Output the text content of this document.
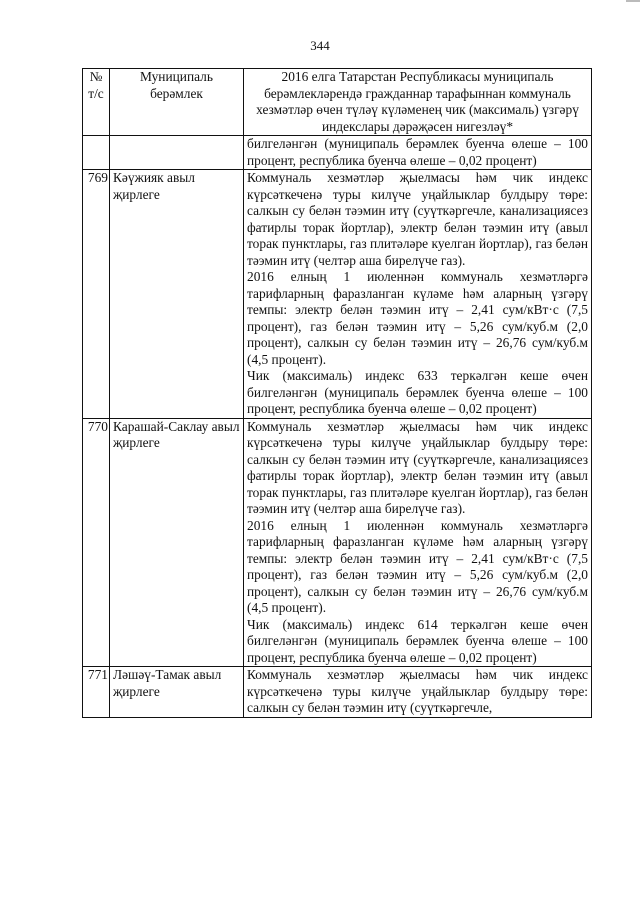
344
№ т/с	Муниципаль берәмлек	2016 елга Татарстан Республикасы муниципаль берәмлекләрендә гражданнар тарафыннан коммуналь хезмәтләр өчен түләү күләменең чик (максималь) үзгәрү индекслары дәрәҗәсен нигезләү*

		билгеләнгән (муниципаль берәмлек буенча өлеше – 100 процент, республика буенча өлеше – 0,02 процент)

769	Кәүжияк авыл җирлеге	Коммуналь хезмәтләр җыелмасы һәм чик индекс күрсәткеченә туры килүче уңайлыклар булдыру төре: салкын су белән тәэмин итү (суүткәргечле, канализациясез фатирлы торак йортлар), электр белән тәэмин итү (авыл торак пунктлары, газ плитәләре куелган йортлар), газ белән тәэмин итү (челтәр аша бирелүче газ).

2016 елның 1 июленнән коммуналь хезмәтләргә тарифларның фаразланган күләме һәм аларның үзгәрү темпы: электр белән тәэмин итү – 2,41 сум/кВт·с (7,5 процент), газ белән тәэмин итү – 5,26 сум/куб.м (2,0 процент), салкын су белән тәэмин итү – 26,76 сум/куб.м (4,5 процент).

Чик (максималь) индекс 633 теркәлгән кеше өчен билгеләнгән (муниципаль берәмлек буенча өлеше – 100 процент, республика буенча өлеше – 0,02 процент)

770	Карашай-Саклау авыл җирлеге	Коммуналь хезмәтләр җыелмасы һәм чик индекс күрсәткеченә туры килүче уңайлыклар булдыру төре: салкын су белән тәэмин итү (суүткәргечле, канализациясез фатирлы торак йортлар), электр белән тәэмин итү (авыл торак пунктлары, газ плитәләре куелган йортлар), газ белән тәэмин итү (челтәр аша бирелүче газ).

2016 елның 1 июленнән коммуналь хезмәтләргә тарифларның фаразланган күләме һәм аларның үзгәрү темпы: электр белән тәэмин итү – 2,41 сум/кВт·с (7,5 процент), газ белән тәэмин итү – 5,26 сум/куб.м (2,0 процент), салкын су белән тәэмин итү – 26,76 сум/куб.м (4,5 процент).

Чик (максималь) индекс 614 теркәлгән кеше өчен билгеләнгән (муниципаль берәмлек буенча өлеше – 100 процент, республика буенча өлеше – 0,02 процент)

771	Ләшәү-Тамак авыл җирлеге	Коммуналь хезмәтләр җыелмасы һәм чик индекс күрсәткеченә туры килүче уңайлыклар булдыру төре: салкын су белән тәэмин итү (суүткәргечле,
